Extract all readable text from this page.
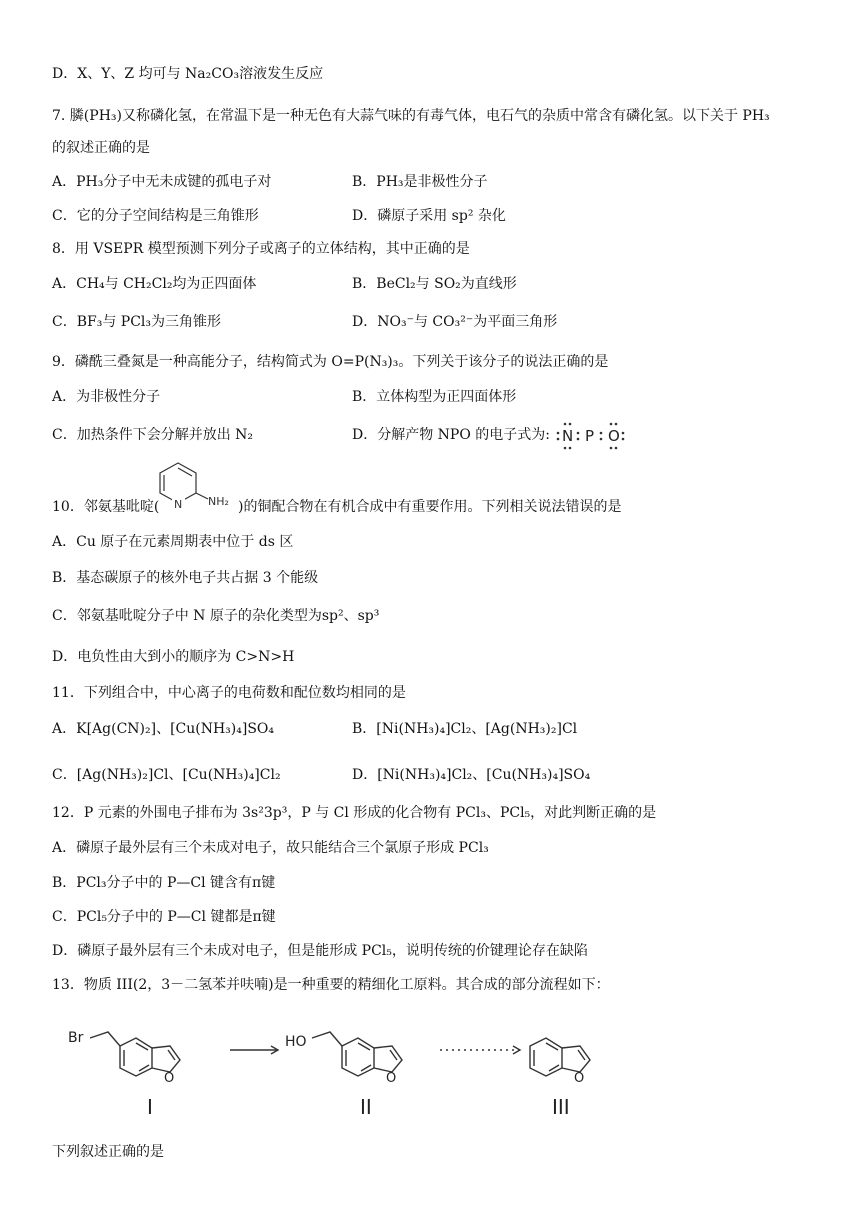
D．X、Y、Z 均可与 Na₂CO₃溶液发生反应
7. 膦(PH₃)又称磷化氢，在常温下是一种无色有大蒜气味的有毒气体，电石气的杂质中常含有磷化氢。以下关于 PH₃
的叙述正确的是
A．PH₃分子中无未成键的孤电子对	B．PH₃是非极性分子
C．它的分子空间结构是三角锥形	D．磷原子采用 sp² 杂化
8．用 VSEPR 模型预测下列分子或离子的立体结构，其中正确的是
A．CH₄与 CH₂Cl₂均为正四面体	B．BeCl₂与 SO₂为直线形
C．BF₃与 PCl₃为三角锥形	D．NO₃⁻与 CO₃²⁻为平面三角形
9．磷酰三叠氮是一种高能分子，结构简式为 O=P(N₃)₃。下列关于该分子的说法正确的是
A．为非极性分子	B．立体构型为正四面体形
C．加热条件下会分解并放出 N₂	D．分解产物 NPO 的电子式为: N P O
10．邻氨基吡啶( N NH₂ )的铜配合物在有机合成中有重要作用。下列相关说法错误的是
A．Cu 原子在元素周期表中位于 ds 区
B．基态碳原子的核外电子共占据 3 个能级
C．邻氨基吡啶分子中 N 原子的杂化类型为sp²、sp³
D．电负性由大到小的顺序为 C>N>H
11．下列组合中，中心离子的电荷数和配位数均相同的是
A．K[Ag(CN)₂]、[Cu(NH₃)₄]SO₄	B．[Ni(NH₃)₄]Cl₂、[Ag(NH₃)₂]Cl
C．[Ag(NH₃)₂]Cl、[Cu(NH₃)₄]Cl₂	D．[Ni(NH₃)₄]Cl₂、[Cu(NH₃)₄]SO₄
12．P 元素的外围电子排布为 3s²3p³，P 与 Cl 形成的化合物有 PCl₃、PCl₅，对此判断正确的是
A．磷原子最外层有三个未成对电子，故只能结合三个氯原子形成 PCl₃
B．PCl₃分子中的 P—Cl 键含有π键
C．PCl₅分子中的 P—Cl 键都是π键
D．磷原子最外层有三个未成对电子，但是能形成 PCl₅，说明传统的价键理论存在缺陷
13．物质 III(2，3－二氢苯并呋喃)是一种重要的精细化工原料。其合成的部分流程如下：
Br	HO
O	O	O
I	II	III
下列叙述正确的是
